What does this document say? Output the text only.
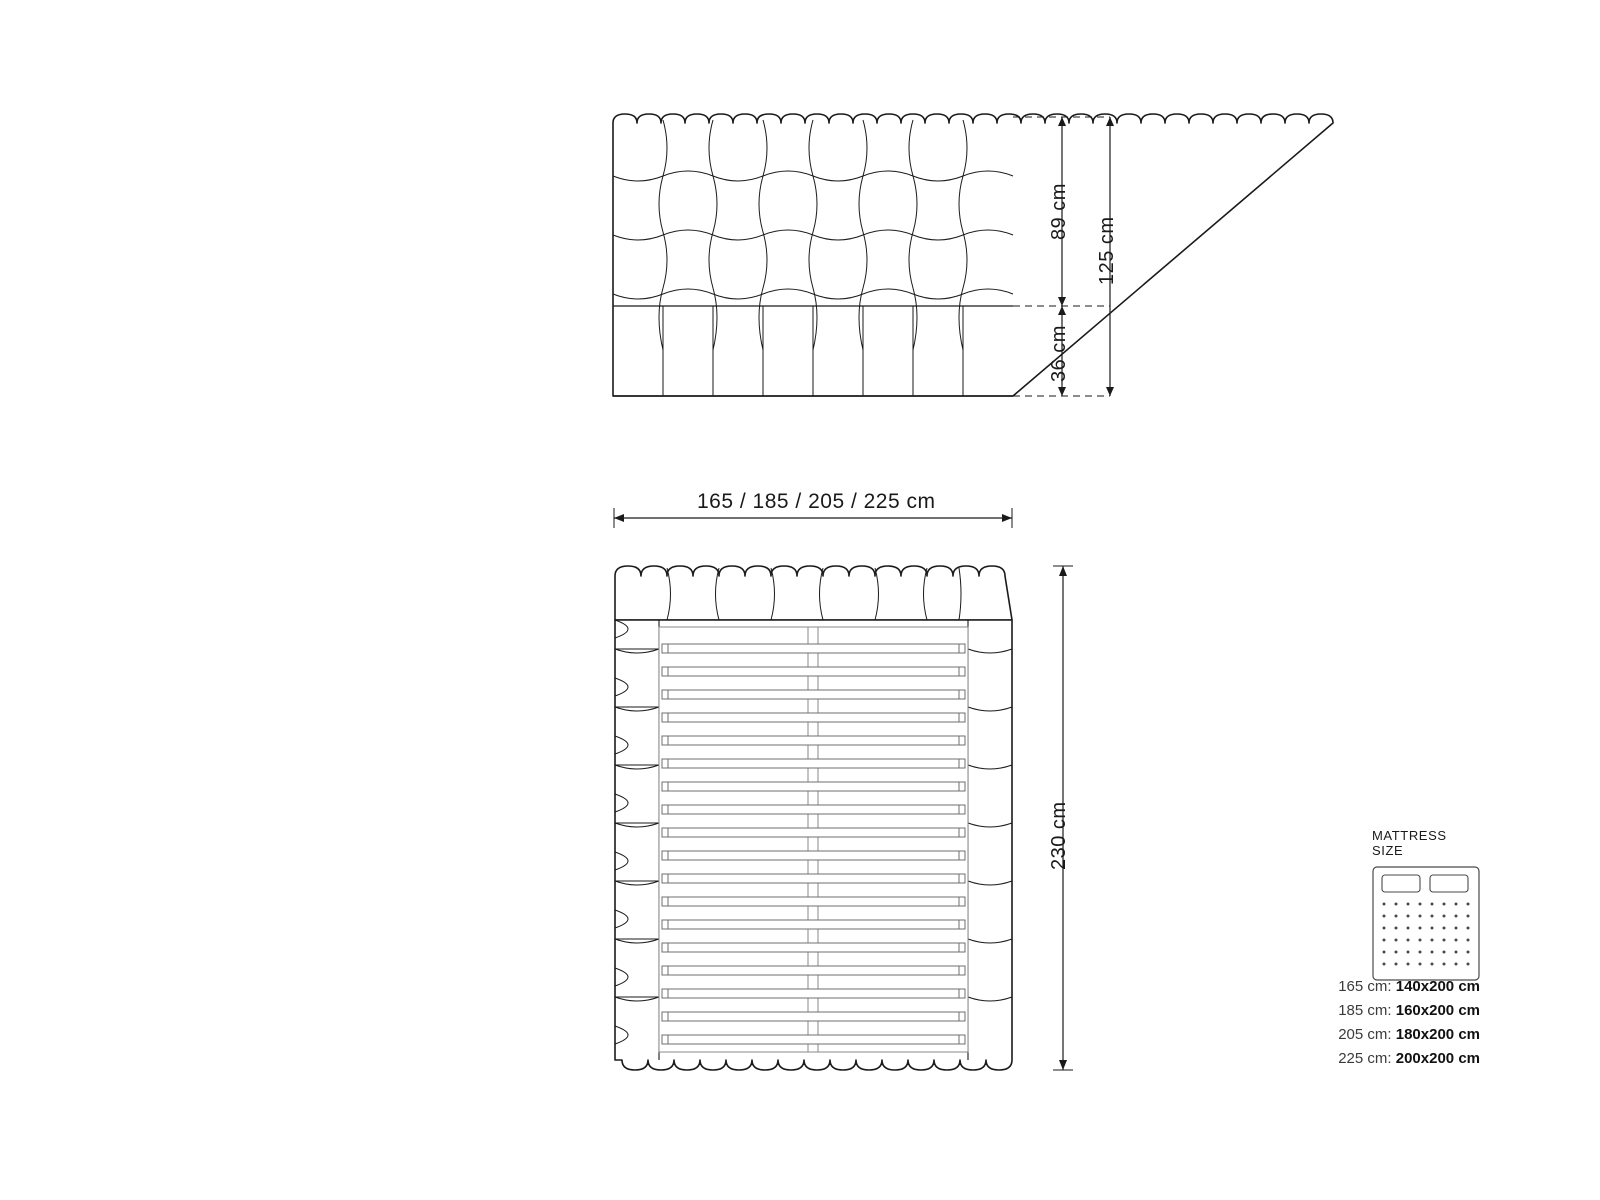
89 cm
125 cm
36 cm
165 / 185 / 205 / 225 cm
230 cm	MATTRESS SIZE
165 cm: 140x200 cm
185 cm: 160x200 cm
205 cm: 180x200 cm
225 cm: 200x200 cm
